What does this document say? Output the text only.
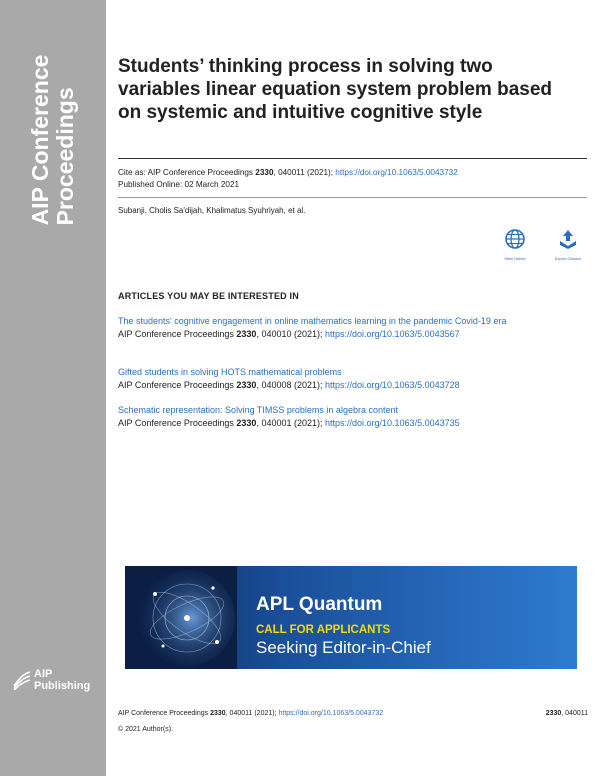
AIP Conference Proceedings
AIP
Publishing
Students’ thinking process in solving two variables linear equation system problem based on systemic and intuitive cognitive style
Cite as: AIP Conference Proceedings 2330, 040011 (2021); https://doi.org/10.1063/5.0043732
Published Online: 02 March 2021
Subanji, Cholis Sa'dijah, Khalimatus Syuhriyah, et al.
View Online	Export Citation
ARTICLES YOU MAY BE INTERESTED IN
The students' cognitive engagement in online mathematics learning in the pandemic Covid-19 era
AIP Conference Proceedings 2330, 040010 (2021); https://doi.org/10.1063/5.0043567
Gifted students in solving HOTS mathematical problems
AIP Conference Proceedings 2330, 040008 (2021); https://doi.org/10.1063/5.0043728
Schematic representation: Solving TIMSS problems in algebra content
AIP Conference Proceedings 2330, 040001 (2021); https://doi.org/10.1063/5.0043735
APL Quantum
CALL FOR APPLICANTS
Seeking Editor-in-Chief
AIP Conference Proceedings 2330, 040011 (2021); https://doi.org/10.1063/5.0043732	2330, 040011
© 2021 Author(s).
